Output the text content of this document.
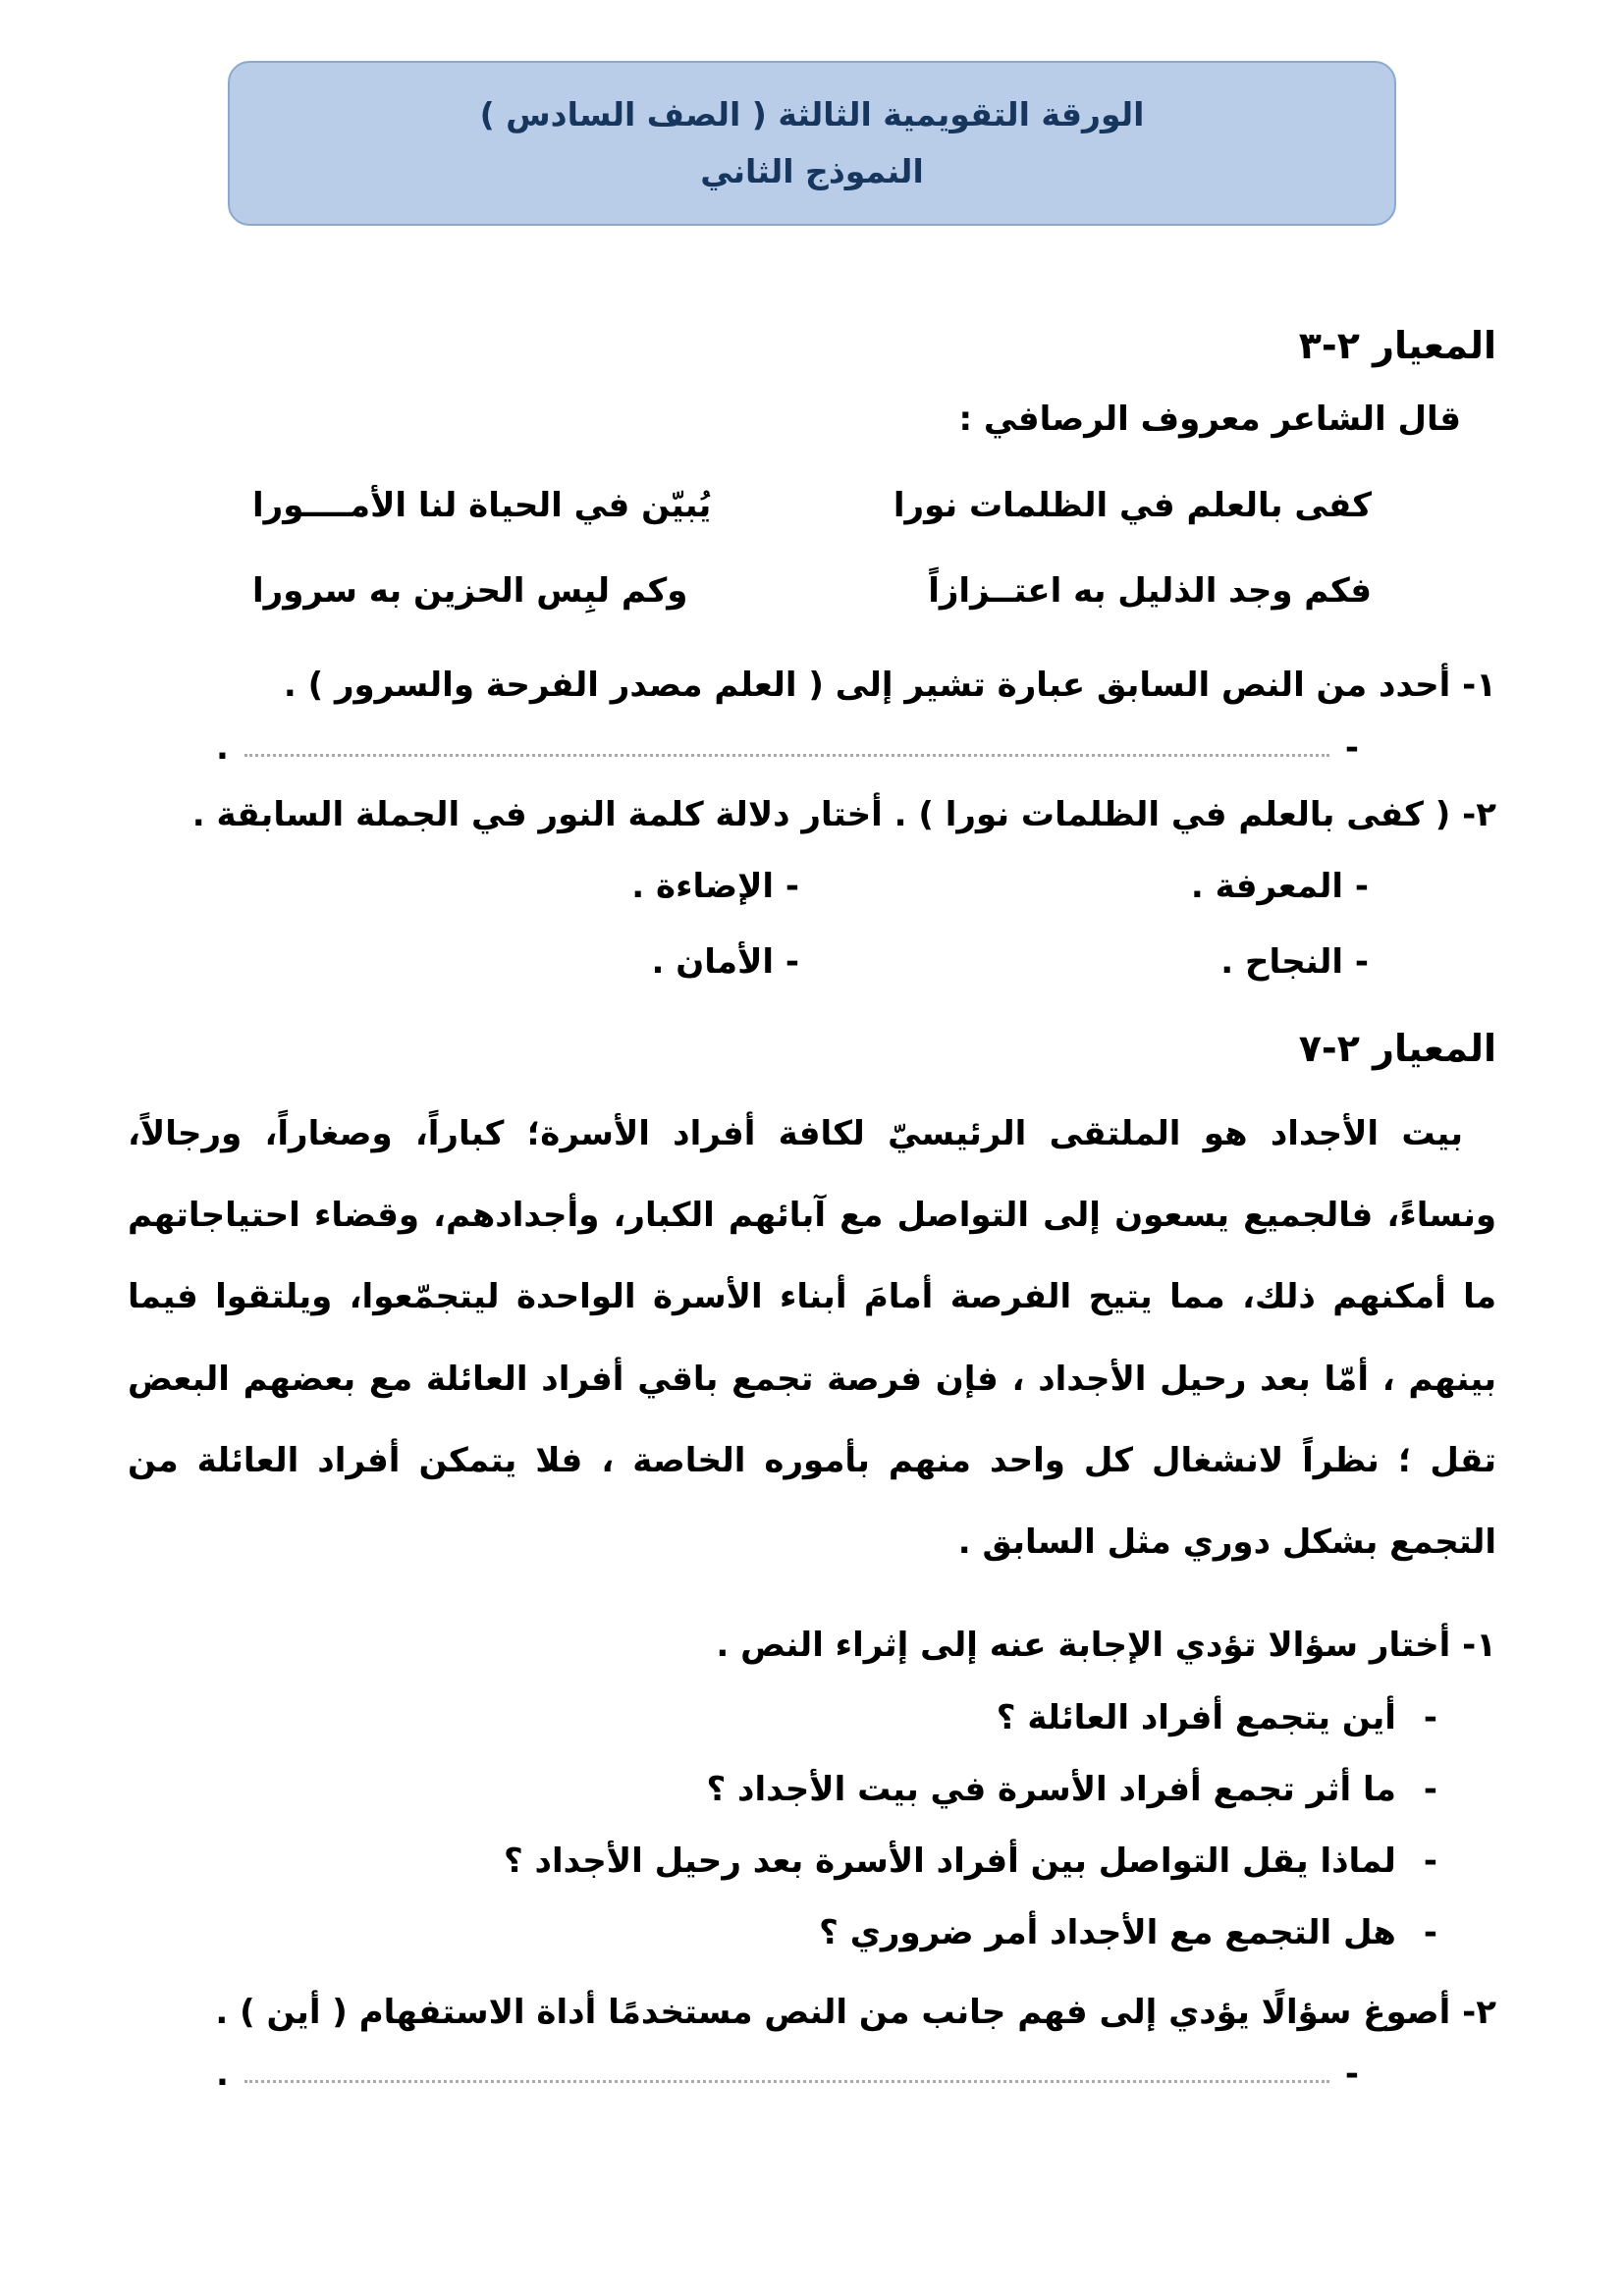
الورقة التقويمية الثالثة ( الصف السادس )
النموذج الثاني
المعيار ٢-٣
قال الشاعر معروف الرصافي :
كفى بالعلم في الظلمات نورا
يُبيّن في الحياة لنا الأمــــورا
فكم وجد الذليل به اعتــزازاً
وكم لبِس الحزين به سرورا
١- أحدد من النص السابق عبارة تشير إلى ( العلم مصدر الفرحة والسرور ) .
-
.
٢- ( كفى بالعلم في الظلمات نورا ) . أختار دلالة كلمة النور في الجملة السابقة .
- المعرفة .
- الإضاءة .
- النجاح .
- الأمان .
المعيار ٢-٧
بيت الأجداد هو الملتقى الرئيسيّ لكافة أفراد الأسرة؛ كباراً، وصغاراً، ورجالاً، ونساءً، فالجميع يسعون إلى التواصل مع آبائهم الكبار، وأجدادهم، وقضاء احتياجاتهم ما أمكنهم ذلك، مما يتيح الفرصة أمامَ أبناء الأسرة الواحدة ليتجمّعوا، ويلتقوا فيما بينهم ، أمّا بعد رحيل الأجداد ، فإن فرصة تجمع باقي أفراد العائلة مع بعضهم البعض تقل ؛ نظراً لانشغال كل واحد منهم بأموره الخاصة ، فلا يتمكن أفراد العائلة من التجمع بشكل دوري مثل السابق .
١- أختار سؤالا تؤدي الإجابة عنه إلى إثراء النص .
-
أين يتجمع أفراد العائلة ؟
-
ما أثر تجمع أفراد الأسرة في بيت الأجداد ؟
-
لماذا يقل التواصل بين أفراد الأسرة بعد رحيل الأجداد ؟
-
هل التجمع مع الأجداد أمر ضروري ؟
٢- أصوغ سؤالًا يؤدي إلى فهم جانب من النص مستخدمًا أداة الاستفهام ( أين ) .
-
.
